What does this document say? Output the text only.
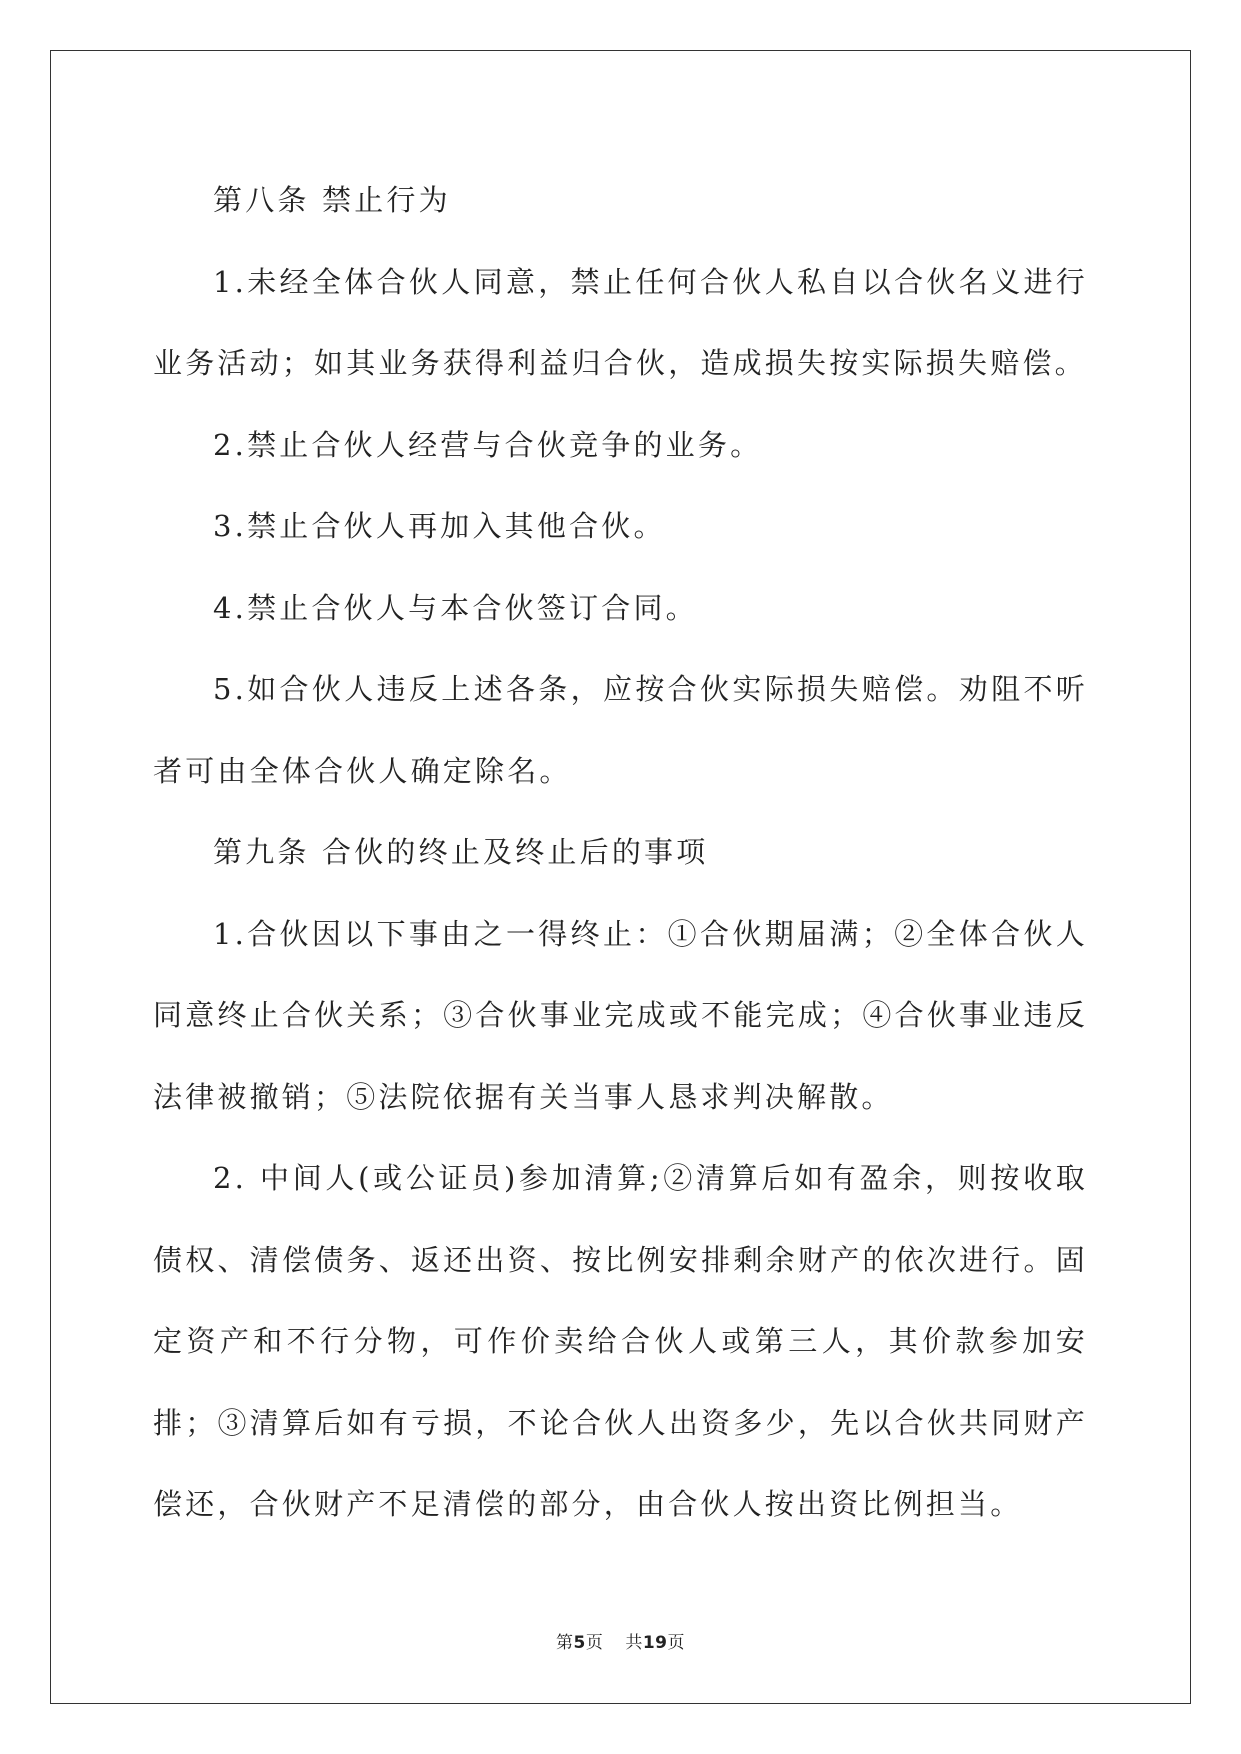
第八条 禁止行为

1.未经全体合伙人同意，禁止任何合伙人私自以合伙名义进行业务活动；如其业务获得利益归合伙，造成损失按实际损失赔偿。

2.禁止合伙人经营与合伙竞争的业务。

3.禁止合伙人再加入其他合伙。

4.禁止合伙人与本合伙签订合同。

5.如合伙人违反上述各条，应按合伙实际损失赔偿。劝阻不听者可由全体合伙人确定除名。

第九条 合伙的终止及终止后的事项

1.合伙因以下事由之一得终止：①合伙期届满；②全体合伙人同意终止合伙关系；③合伙事业完成或不能完成；④合伙事业违反法律被撤销；⑤法院依据有关当事人恳求判决解散。

2. 中间人(或公证员)参加清算;②清算后如有盈余，则按收取债权、清偿债务、返还出资、按比例安排剩余财产的依次进行。固定资产和不行分物，可作价卖给合伙人或第三人，其价款参加安排；③清算后如有亏损，不论合伙人出资多少，先以合伙共同财产偿还，合伙财产不足清偿的部分，由合伙人按出资比例担当。

第5页 共19页
